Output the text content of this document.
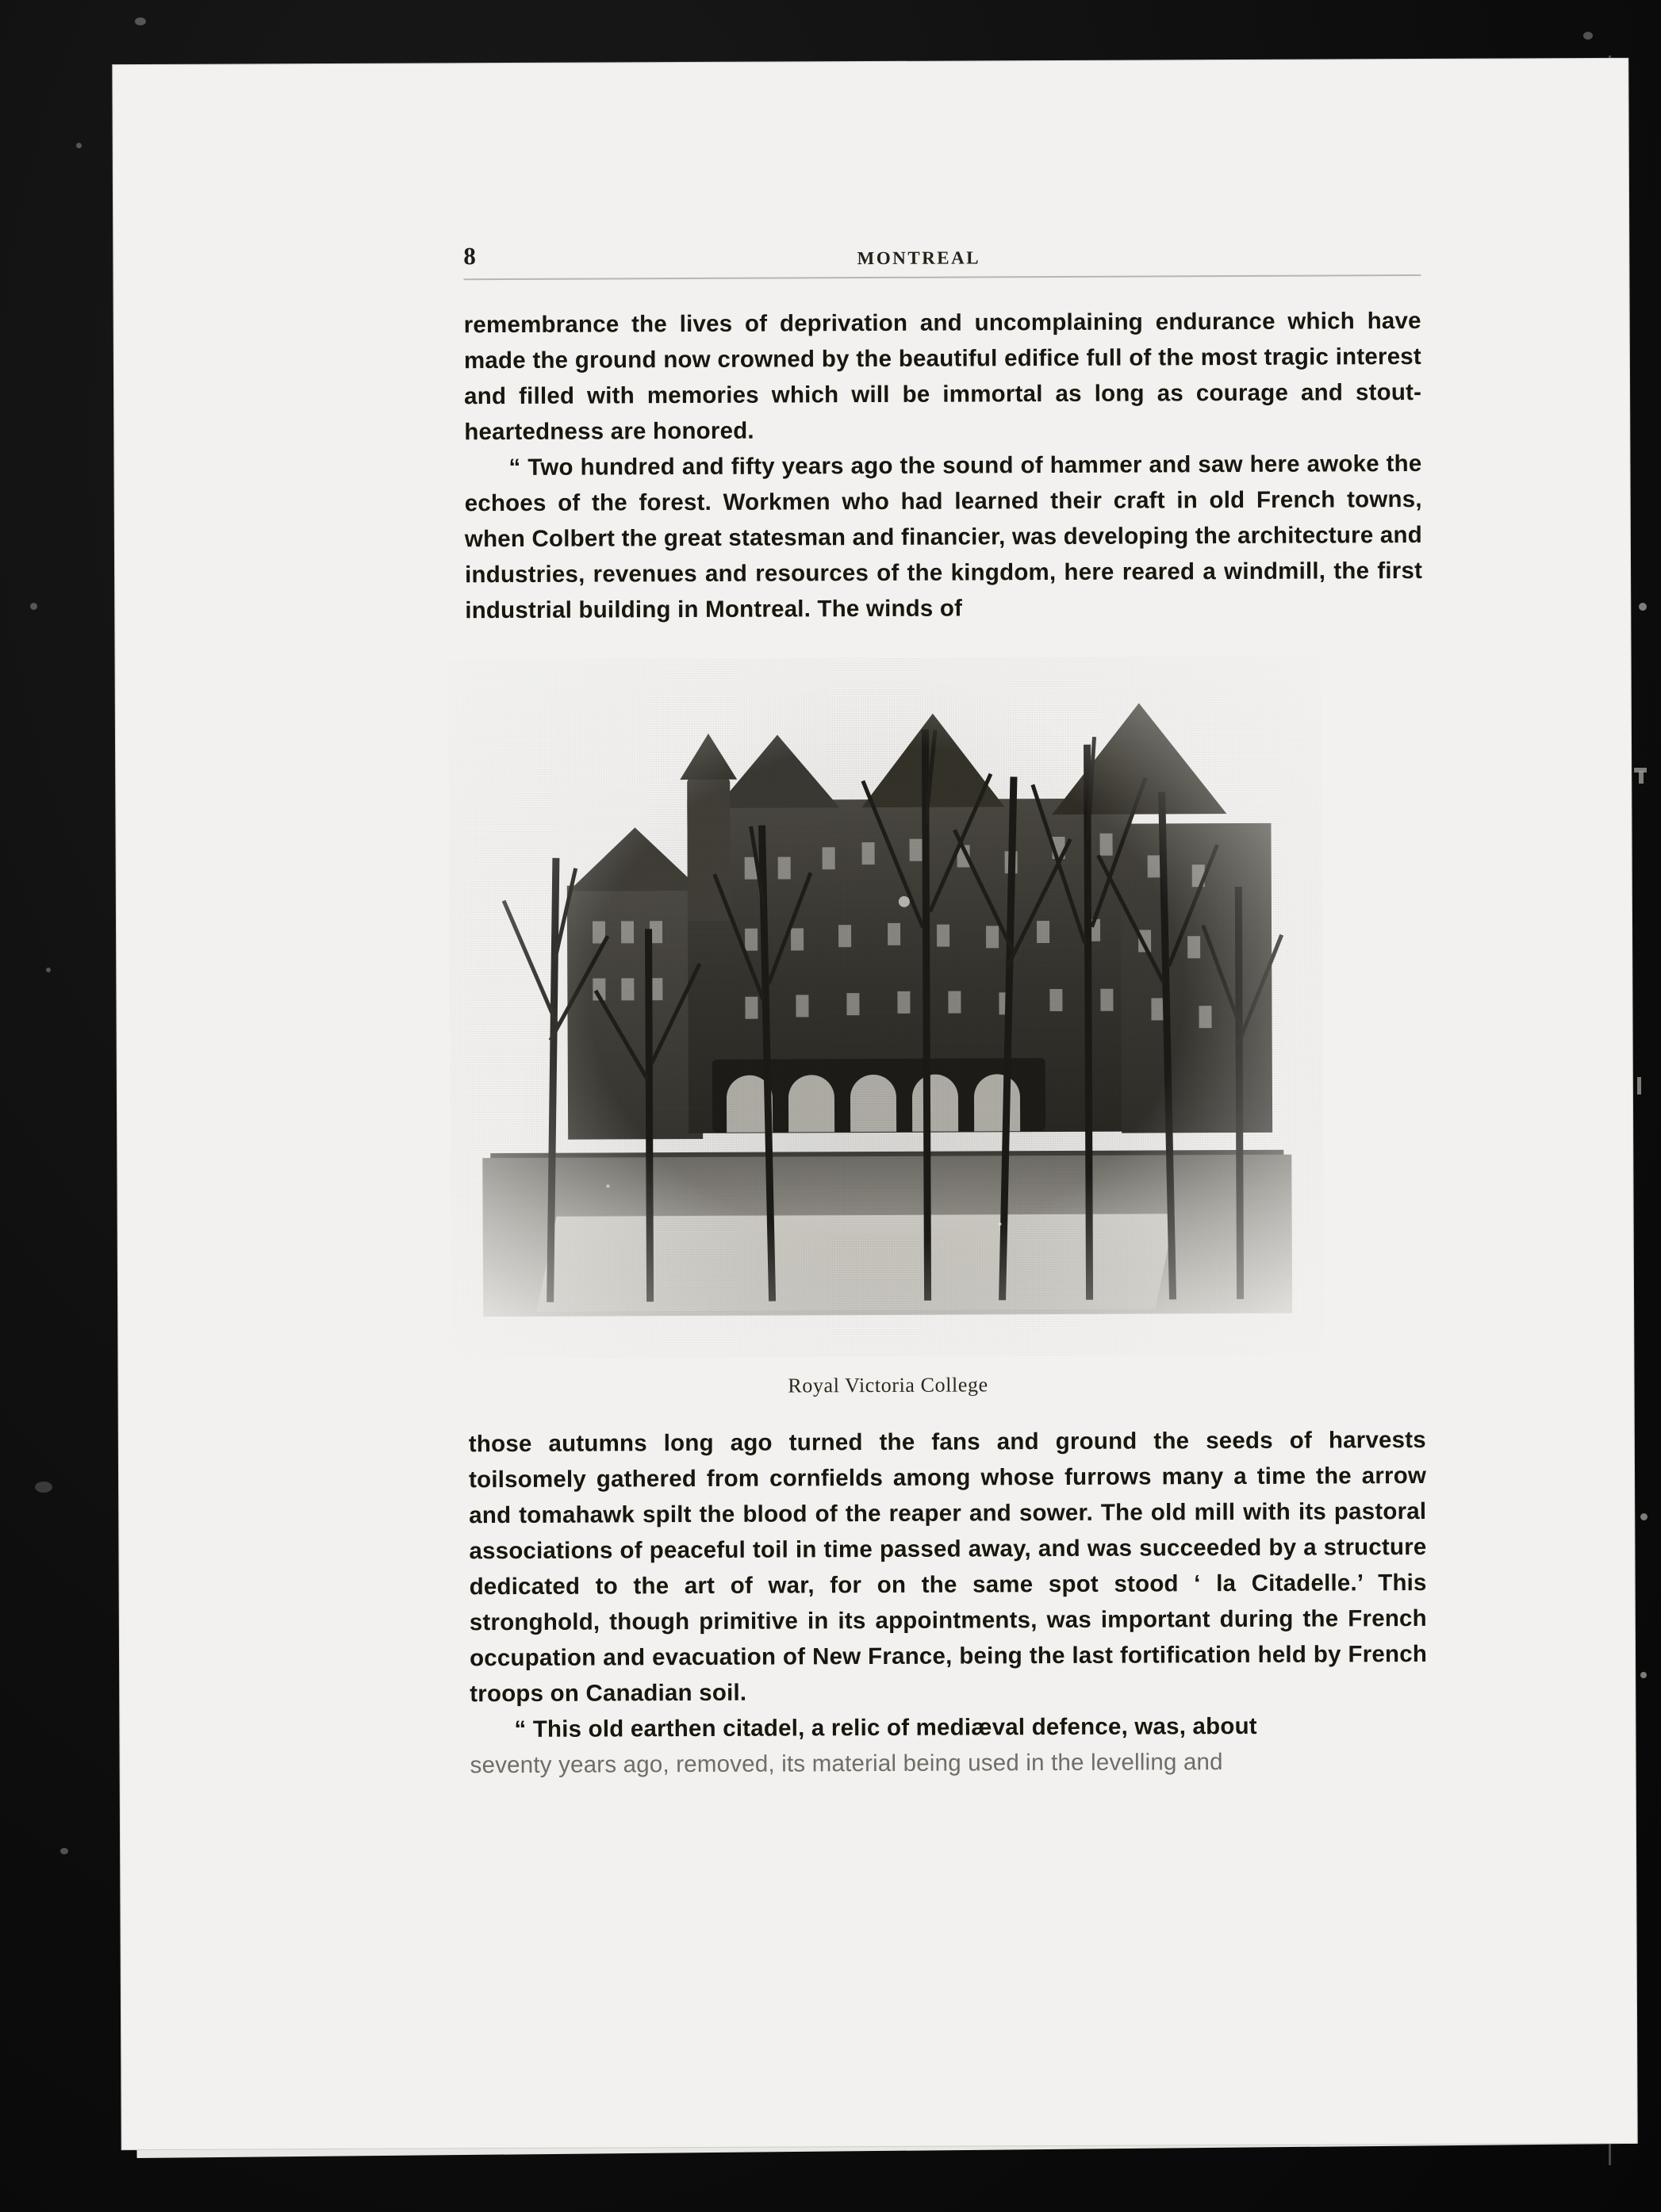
8	MONTREAL

remembrance the lives of deprivation and uncomplaining endurance which have made the ground now crowned by the beautiful edifice full of the most tragic interest and filled with memories which will be immortal as long as courage and stout-heartedness are honored.

“ Two hundred and fifty years ago the sound of hammer and saw here awoke the echoes of the forest. Workmen who had learned their craft in old French towns, when Colbert the great statesman and financier, was developing the architecture and industries, revenues and resources of the kingdom, here reared a windmill, the first industrial building in Montreal. The winds of

Royal Victoria College

those autumns long ago turned the fans and ground the seeds of harvests toilsomely gathered from cornfields among whose furrows many a time the arrow and tomahawk spilt the blood of the reaper and sower. The old mill with its pastoral associations of peaceful toil in time passed away, and was succeeded by a structure dedicated to the art of war, for on the same spot stood ‘ la Citadelle.’ This stronghold, though primitive in its appointments, was important during the French occupation and evacuation of New France, being the last fortification held by French troops on Canadian soil.

“ This old earthen citadel, a relic of mediæval defence, was, about

seventy years ago, removed, its material being used in the levelling and
